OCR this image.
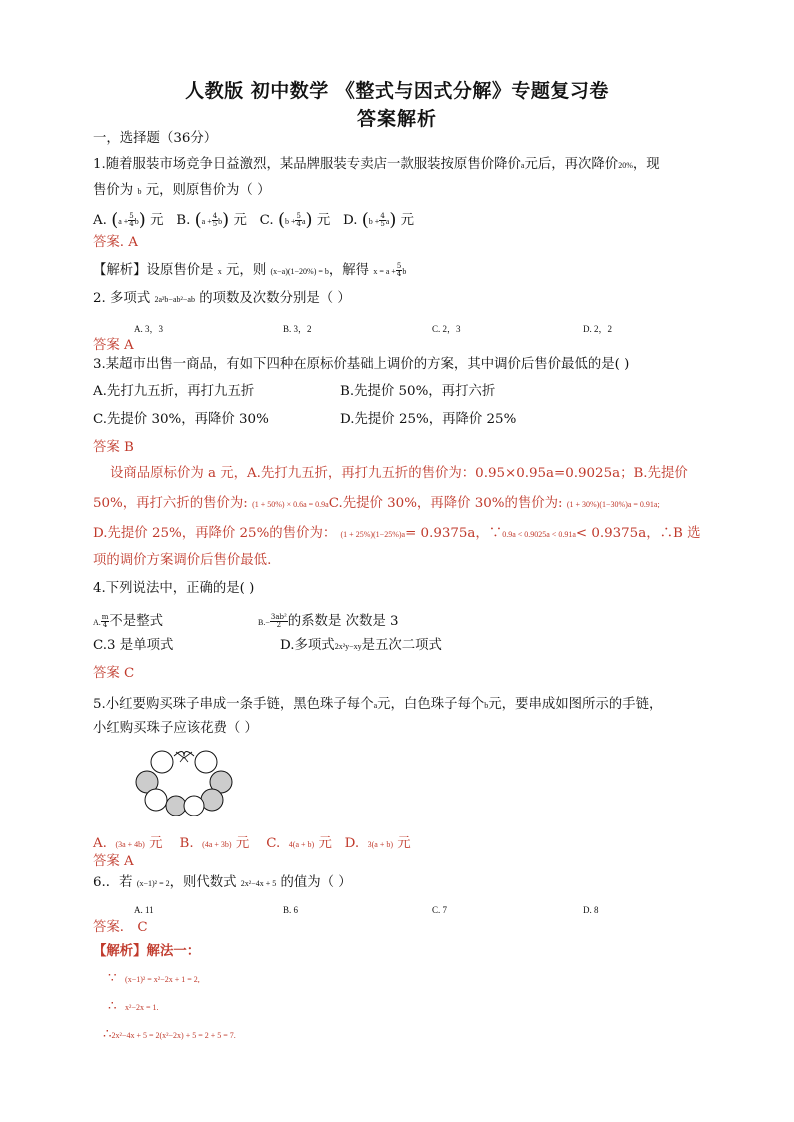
人教版 初中数学 《整式与因式分解》专题复习卷
答案解析
一，选择题（36分）
1.随着服装市场竞争日益激烈，某品牌服装专卖店一款服装按原售价降价a元后，再次降价20%，现
售价为 b 元，则原售价为（ ）
A. $(a + \frac{5}{4} b)$ 元 B. $(a + \frac{4}{5} b)$ 元 C. $(b + \frac{5}{4} a)$ 元 D. $(b + \frac{4}{5} a)$ 元
答案. A
【解析】设原售价是 x 元，则 (x−a)(1−20%) = b，解得 $x = a + \frac{5}{4}$ b
2. 多项式 2a²b−ab²−ab 的项数及次数分别是（ ）
A. 3，3	B. 3，2	C. 2，3	D. 2，2
答案 A
3.某超市出售一商品，有如下四种在原标价基础上调价的方案，其中调价后售价最低的是( )
A.先打九五折，再打九五折	B.先提价 50%，再打六折
C.先提价 30%，再降价 30%	D.先提价 25%，再降价 25%
答案 B
设商品原标价为 a 元，A.先打九五折，再打九五折的售价为：0.95×0.95a=0.9025a；B.先提价
50%，再打六折的售价为: (1 + 50%) × 0.6a = 0.9aC.先提价 30%，再降价 30%的售价为: (1 + 30%)(1−30%)a = 0.91a;
D.先提价 25%，再降价 25%的售价为： (1 + 25%)(1−25%)a= 0.9375a，∵0.9a < 0.9025a < 0.91a< 0.9375a，∴B 选
项的调价方案调价后售价最低.
4.下列说法中，正确的是( )
A. $\frac{m}{4}$ 不是整式	$B.- \frac{\text{3ab²}}{2}$ 的系数是 次数是 3
C.3 是单项式	D.多项式2x²y−xy是五次二项式
答案 C
5.小红要购买珠子串成一条手链，黑色珠子每个a元，白色珠子每个b元，要串成如图所示的手链，
小红购买珠子应该花费（ ）
A. (3a + 4b) 元 B. (4a + 3b) 元 C. 4(a + b) 元 D. 3(a + b) 元
答案 A
6.．若 (x−1)² = 2，则代数式 2x²−4x + 5 的值为（ ）
A. 11	B. 6	C. 7	D. 8
答案． C
【解析】解法一：
∵ (x−1)² = x²−2x + 1 = 2,
∴ x²−2x = 1.
∴2x²−4x + 5 = 2(x²−2x) + 5 = 2 + 5 = 7.
